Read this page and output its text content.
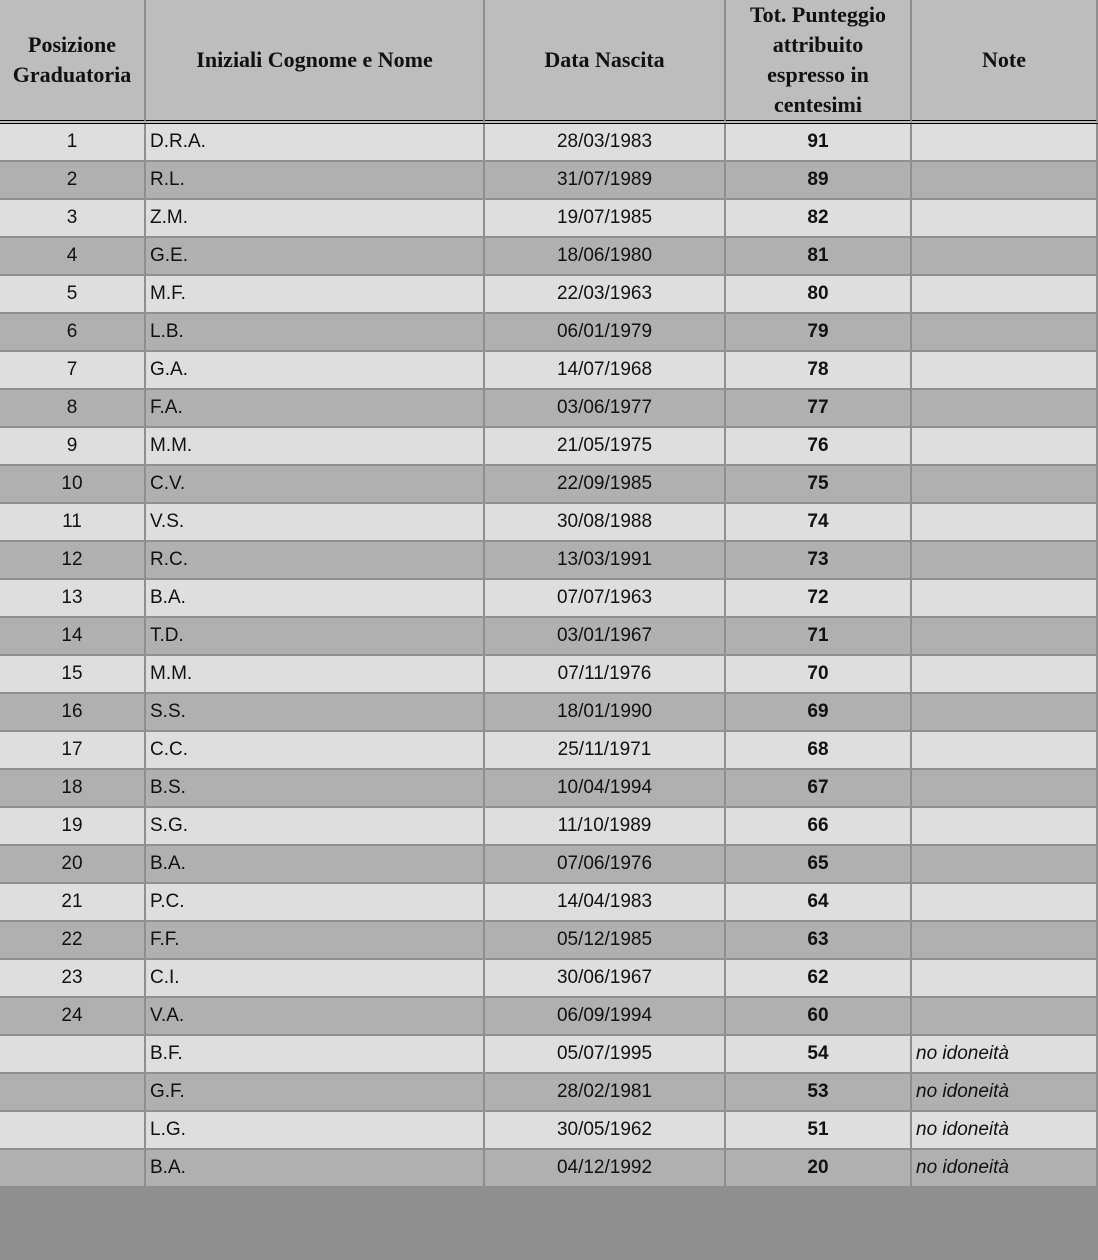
Posizione Graduatoria	Iniziali Cognome e Nome	Data Nascita	Tot. Punteggio attribuito espresso in centesimi	Note
1	D.R.A.	28/03/1983	91	
2	R.L.	31/07/1989	89	
3	Z.M.	19/07/1985	82	
4	G.E.	18/06/1980	81	
5	M.F.	22/03/1963	80	
6	L.B.	06/01/1979	79	
7	G.A.	14/07/1968	78	
8	F.A.	03/06/1977	77	
9	M.M.	21/05/1975	76	
10	C.V.	22/09/1985	75	
11	V.S.	30/08/1988	74	
12	R.C.	13/03/1991	73	
13	B.A.	07/07/1963	72	
14	T.D.	03/01/1967	71	
15	M.M.	07/11/1976	70	
16	S.S.	18/01/1990	69	
17	C.C.	25/11/1971	68	
18	B.S.	10/04/1994	67	
19	S.G.	11/10/1989	66	
20	B.A.	07/06/1976	65	
21	P.C.	14/04/1983	64	
22	F.F.	05/12/1985	63	
23	C.I.	30/06/1967	62	
24	V.A.	06/09/1994	60	
	B.F.	05/07/1995	54	no idoneità
	G.F.	28/02/1981	53	no idoneità
	L.G.	30/05/1962	51	no idoneità
	B.A.	04/12/1992	20	no idoneità
